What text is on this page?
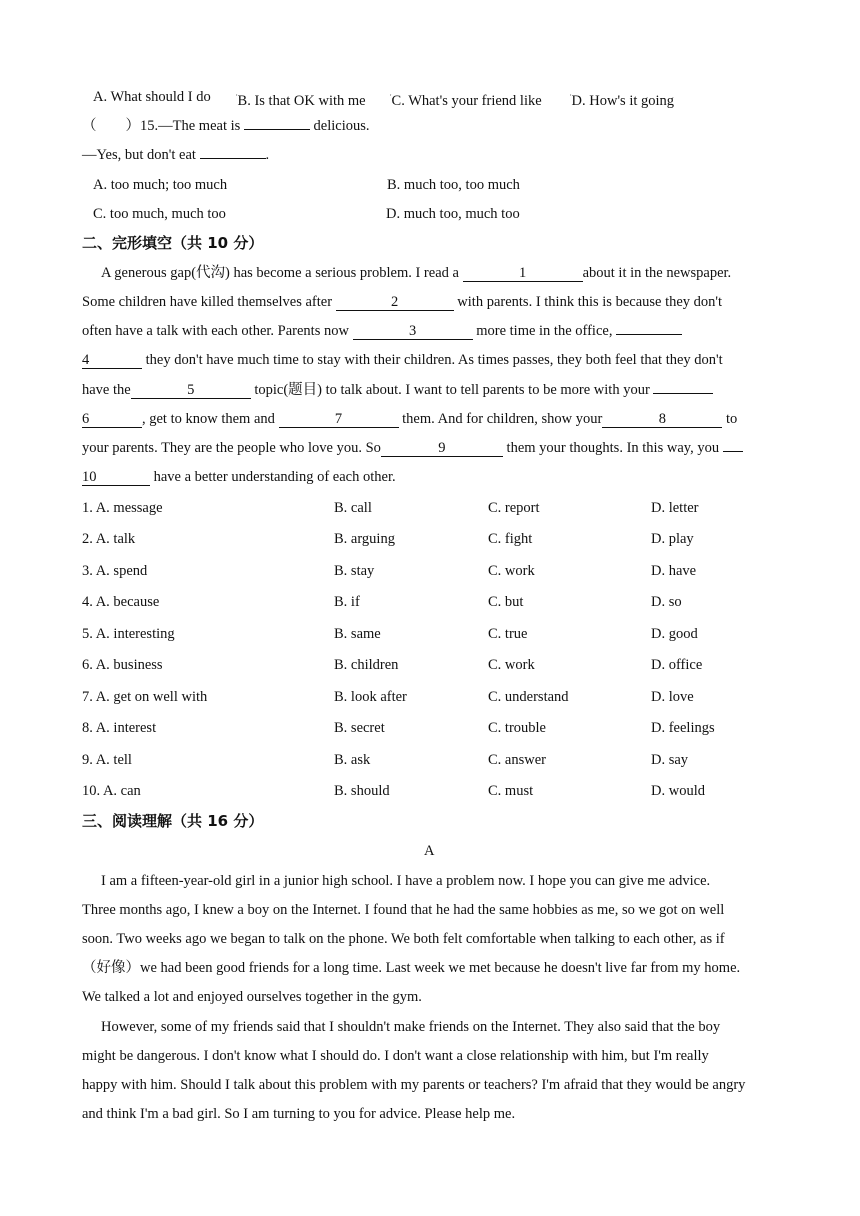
A. What should I do	$^ʹ$B. Is that OK with me	$^ʹ$C. What's your friend like	$^ʹ$D. How's it going
（　　）15.—The meat is	delicious.
—Yes, but don't eat	.
A. too much; too much	B. much too, too much
C. too much, much too	D. much too, much too
二、完形填空（共 10 分）
A generous gap(代沟) has become a serious problem. I read a	1	about it in the newspaper.
Some children have killed themselves after	2	with parents. I think this is because they don't
often have a talk with each other. Parents now	3	more time in the office,
4	they don't have much time to stay with their children. As times passes, they both feel that they don't
have the	5	topic(题目) to talk about. I want to tell parents to be more with your
6	, get to know them and	7	them. And for children, show your	8	to
your parents. They are the people who love you. So	9	them your thoughts. In this way, you
10	have a better understanding of each other.
1. A. message	B. call	C. report	D. letter
2. A. talk	B. arguing	C. fight	D. play
3. A. spend	B. stay	C. work	D. have
4. A. because	B. if	C. but	D. so
5. A. interesting	B. same	C. true	D. good
6. A. business	B. children	C. work	D. office
7. A. get on well with	B. look after	C. understand	D. love
8. A. interest	B. secret	C. trouble	D. feelings
9. A. tell	B. ask	C. answer	D. say
10. A. can	B. should	C. must	D. would
三、阅读理解（共 16 分）
A
I am a fifteen-year-old girl in a junior high school. I have a problem now. I hope you can give me advice.
Three months ago, I knew a boy on the Internet. I found that he had the same hobbies as me, so we got on well
soon. Two weeks ago we began to talk on the phone. We both felt comfortable when talking to each other, as if
（好像）we had been good friends for a long time. Last week we met because he doesn't live far from my home.
We talked a lot and enjoyed ourselves together in the gym.
However, some of my friends said that I shouldn't make friends on the Internet. They also said that the boy
might be dangerous. I don't know what I should do. I don't want a close relationship with him, but I'm really
happy with him. Should I talk about this problem with my parents or teachers? I'm afraid that they would be angry
and think I'm a bad girl. So I am turning to you for advice. Please help me.
